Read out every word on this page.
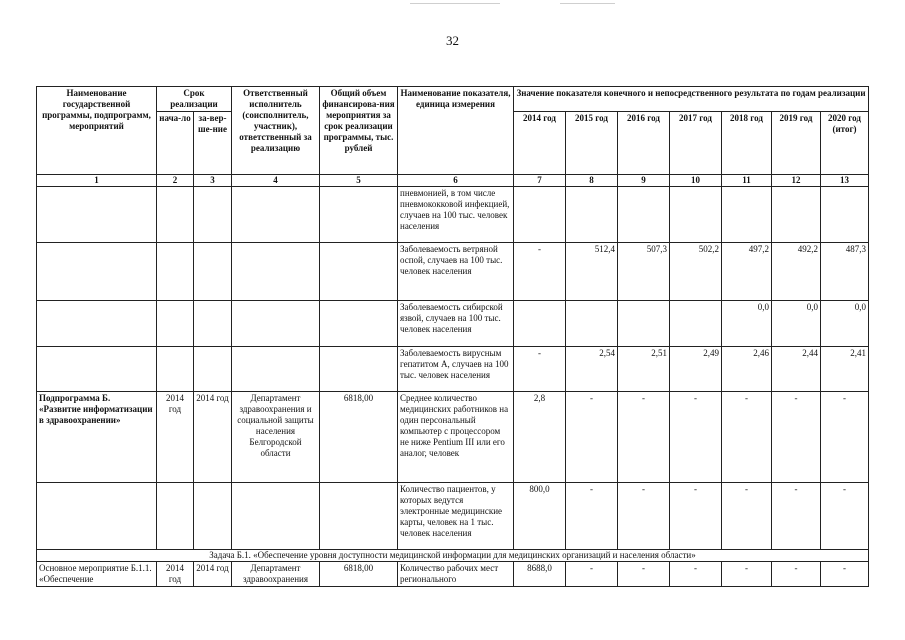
32
Наименование государственной программы, подпрограмм, мероприятий	Срок реализации		Ответственный исполнитель (соисполнитель, участник), ответственный за реализацию	Общий объем финансирова-ния мероприятия за срок реализации программы, тыс. рублей	Наименование показателя, единица измерения	Значение показателя конечного и непосредственного результата по годам реализации						
	нача-ло	за-вер-ше-ние				2014 год	2015 год	2016 год	2017 год	2018 год	2019 год	2020 год (итог)
1	2	3	4	5	6	7	8	9	10	11	12	13
					пневмонией, в том числе пневмококковой инфекцией, случаев на 100 тыс. человек населения							
					Заболеваемость ветряной оспой, случаев на 100 тыс. человек населения	-	512,4	507,3	502,2	497,2	492,2	487,3
					Заболеваемость сибирской язвой, случаев на 100 тыс. человек населения					0,0	0,0	0,0
					Заболеваемость вирусным гепатитом А, случаев на 100 тыс. человек населения	-	2,54	2,51	2,49	2,46	2,44	2,41
Подпрограмма Б. «Развитие информатизации в здравоохранении»	2014 год	2014 год	Департамент здравоохранения и социальной защиты населения Белгородской области	6818,00	Среднее количество медицинских работников на один персональный компьютер с процессором не ниже Pentium III или его аналог, человек	2,8	-	-	-	-	-	-
					Количество пациентов, у которых ведутся электронные медицинские карты, человек на 1 тыс. человек населения	800,0	-	-	-	-	-	-
Задача Б.1. «Обеспечение уровня доступности медицинской информации для медицинских организаций и населения области»												
Основное мероприятие Б.1.1. «Обеспечение	2014 год	2014 год	Департамент здравоохранения	6818,00	Количество рабочих мест регионального	8688,0	-	-	-	-	-	-
